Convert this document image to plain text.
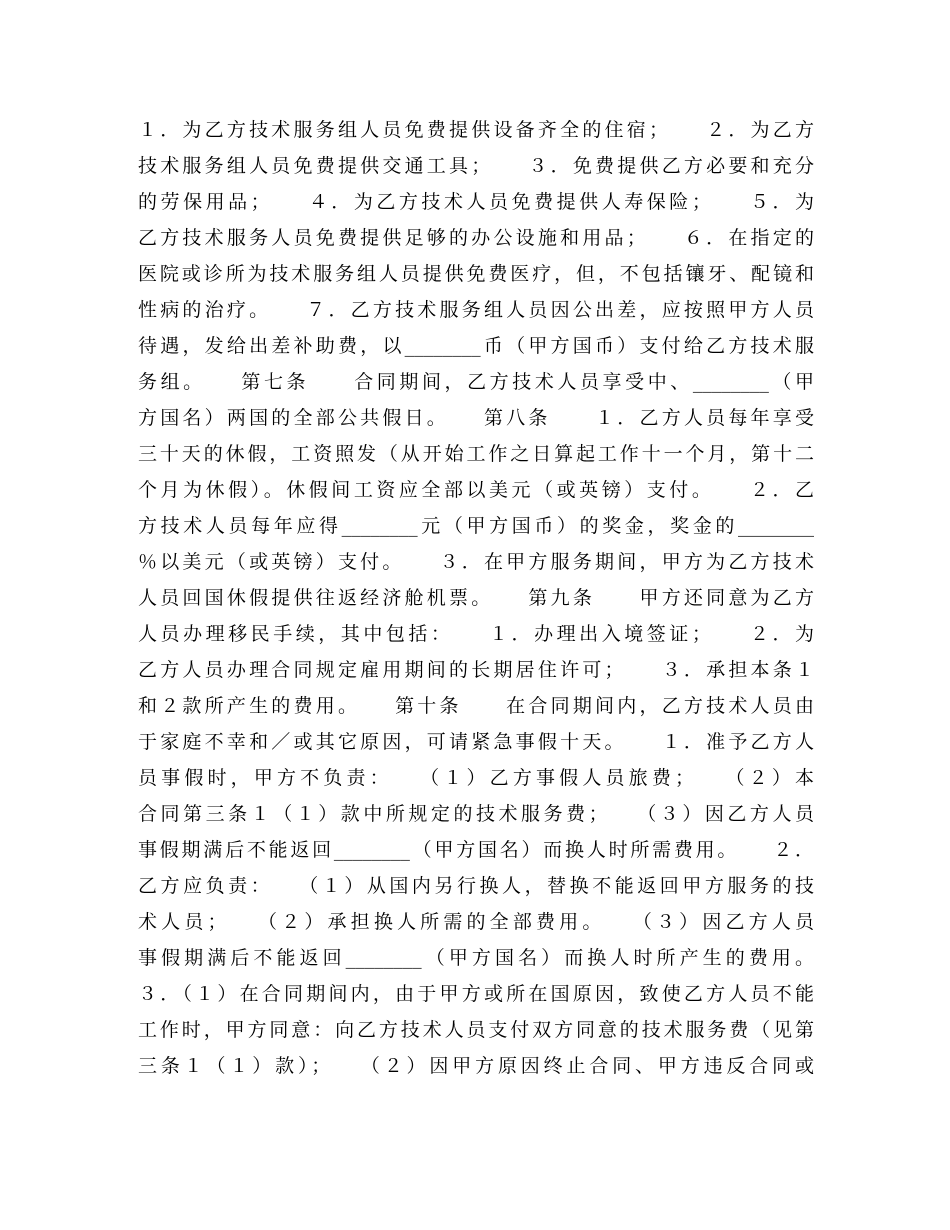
１．为乙方技术服务组人员免费提供设备齐全的住宿；　　２．为乙方
技术服务组人员免费提供交通工具；　　３．免费提供乙方必要和充分
的劳保用品；　　４．为乙方技术人员免费提供人寿保险；　　５．为
乙方技术服务人员免费提供足够的办公设施和用品；　　６．在指定的
医院或诊所为技术服务组人员提供免费医疗，但，不包括镶牙、配镜和
性病的治疗。　　７．乙方技术服务组人员因公出差，应按照甲方人员
待遇，发给出差补助费，以________币（甲方国币）支付给乙方技术服
务组。　　第七条　　合同期间，乙方技术人员享受中、________（甲
方国名）两国的全部公共假日。　　第八条　　１．乙方人员每年享受
三十天的休假，工资照发（从开始工作之日算起工作十一个月，第十二
个月为休假）。休假间工资应全部以美元（或英镑）支付。　　２．乙
方技术人员每年应得________元（甲方国币）的奖金，奖金的________
％以美元（或英镑）支付。　　３．在甲方服务期间，甲方为乙方技术
人员回国休假提供往返经济舱机票。　　第九条　　甲方还同意为乙方
人员办理移民手续，其中包括：　　１．办理出入境签证；　　２．为
乙方人员办理合同规定雇用期间的长期居住许可；　　３．承担本条１
和２款所产生的费用。　　第十条　　在合同期间内，乙方技术人员由
于家庭不幸和／或其它原因，可请紧急事假十天。　　１．准予乙方人
员事假时，甲方不负责：　　（１）乙方事假人员旅费；　　（２）本
合同第三条１（１）款中所规定的技术服务费；　　（３）因乙方人员
事假期满后不能返回________（甲方国名）而换人时所需费用。　　２．
乙方应负责：　　（１）从国内另行换人，替换不能返回甲方服务的技
术人员；　　（２）承担换人所需的全部费用。　　（３）因乙方人员
事假期满后不能返回________（甲方国名）而换人时所产生的费用。
３．（１）在合同期间内，由于甲方或所在国原因，致使乙方人员不能
工作时，甲方同意：向乙方技术人员支付双方同意的技术服务费（见第
三条１（１）款）；　　（２）因甲方原因终止合同、甲方违反合同或
